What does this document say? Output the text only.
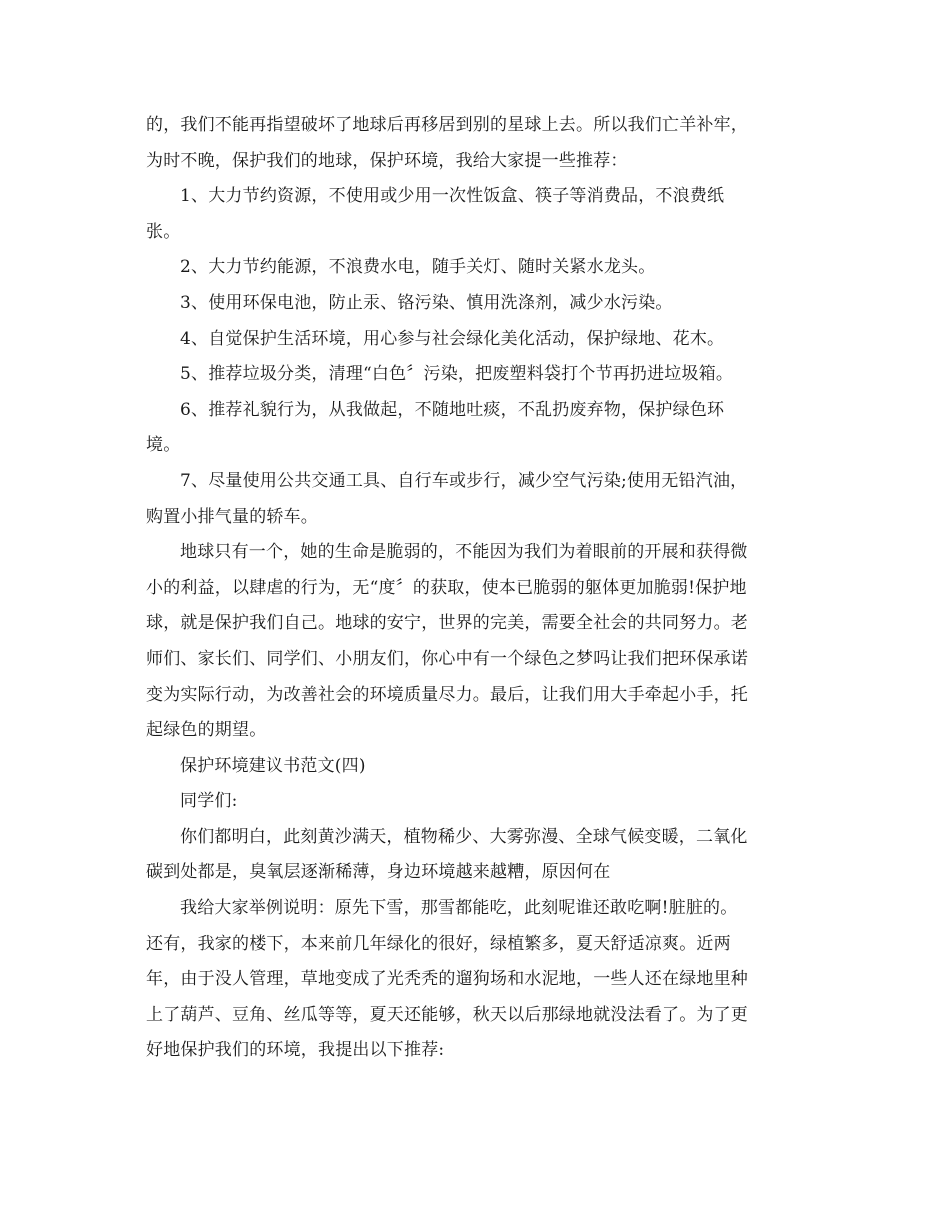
的，我们不能再指望破坏了地球后再移居到别的星球上去。所以我们亡羊补牢，
为时不晚，保护我们的地球，保护环境，我给大家提一些推荐：

1、大力节约资源，不使用或少用一次性饭盒、筷子等消费品，不浪费纸
张。

2、大力节约能源，不浪费水电，随手关灯、随时关紧水龙头。

3、使用环保电池，防止汞、铬污染、慎用洗涤剂，减少水污染。

4、自觉保护生活环境，用心参与社会绿化美化活动，保护绿地、花木。

5、推荐垃圾分类，清理“白色〞污染，把废塑料袋打个节再扔进垃圾箱。

6、推荐礼貌行为，从我做起，不随地吐痰，不乱扔废弃物，保护绿色环
境。

7、尽量使用公共交通工具、自行车或步行，减少空气污染;使用无铅汽油，
购置小排气量的轿车。

地球只有一个，她的生命是脆弱的，不能因为我们为着眼前的开展和获得微
小的利益，以肆虐的行为，无“度〞的获取，使本已脆弱的躯体更加脆弱!保护地
球，就是保护我们自己。地球的安宁，世界的完美，需要全社会的共同努力。老
师们、家长们、同学们、小朋友们，你心中有一个绿色之梦吗让我们把环保承诺
变为实际行动，为改善社会的环境质量尽力。最后，让我们用大手牵起小手，托
起绿色的期望。

保护环境建议书范文(四)

同学们:

你们都明白，此刻黄沙满天，植物稀少、大雾弥漫、全球气候变暖，二氧化
碳到处都是，臭氧层逐渐稀薄，身边环境越来越糟，原因何在

我给大家举例说明：原先下雪，那雪都能吃，此刻呢谁还敢吃啊!脏脏的。
还有，我家的楼下，本来前几年绿化的很好，绿植繁多，夏天舒适凉爽。近两
年，由于没人管理，草地变成了光秃秃的遛狗场和水泥地，一些人还在绿地里种
上了葫芦、豆角、丝瓜等等，夏天还能够，秋天以后那绿地就没法看了。为了更
好地保护我们的环境，我提出以下推荐:
